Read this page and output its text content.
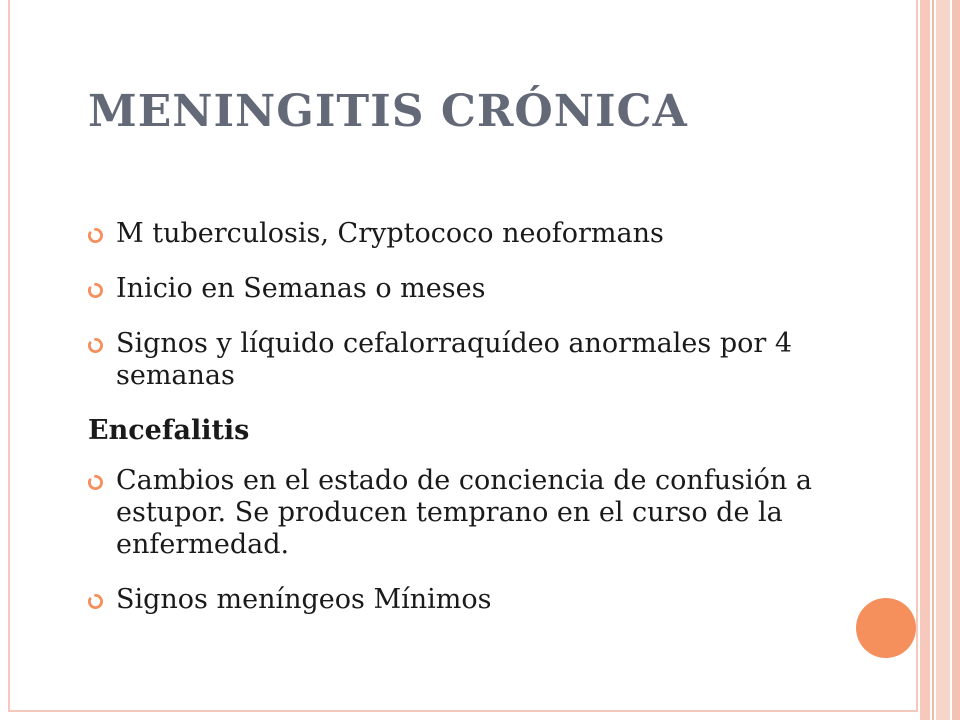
MENINGITIS CRÓNICA
M tuberculosis, Cryptococo neoformans
Inicio en Semanas o meses
Signos y líquido cefalorraquídeo anormales por 4 semanas
Encefalitis
Cambios en el estado de conciencia de confusión a estupor. Se producen temprano en el curso de la enfermedad.
Signos meníngeos Mínimos
